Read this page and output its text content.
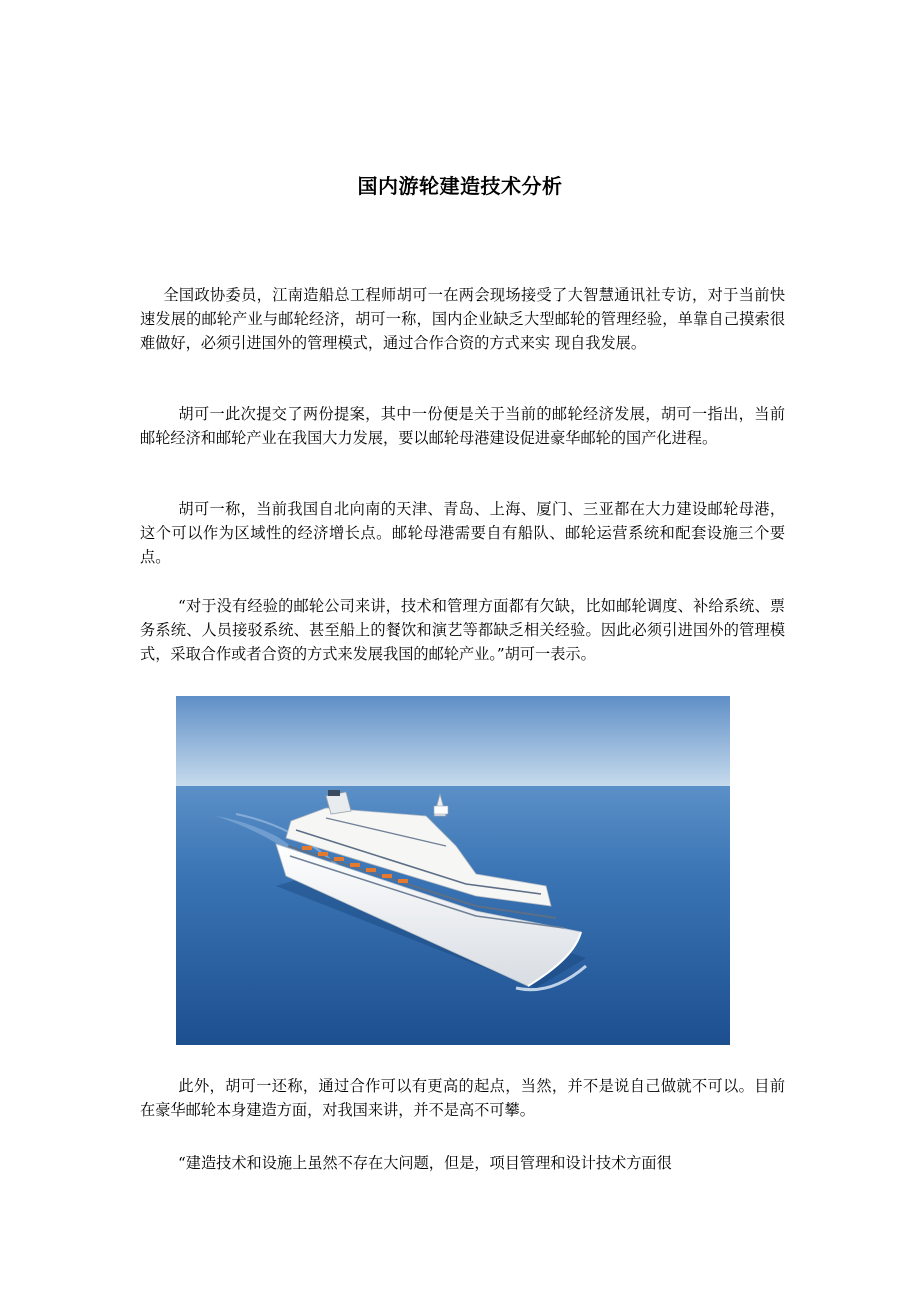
国内游轮建造技术分析

全国政协委员，江南造船总工程师胡可一在两会现场接受了大智慧通讯社专访，对于当前快速发展的邮轮产业与邮轮经济，胡可一称，国内企业缺乏大型邮轮的管理经验，单靠自己摸索很难做好，必须引进国外的管理模式，通过合作合资的方式来实 现自我发展。

胡可一此次提交了两份提案，其中一份便是关于当前的邮轮经济发展，胡可一指出，当前邮轮经济和邮轮产业在我国大力发展，要以邮轮母港建设促进豪华邮轮的国产化进程。

胡可一称，当前我国自北向南的天津、青岛、上海、厦门、三亚都在大力建设邮轮母港，这个可以作为区域性的经济增长点。邮轮母港需要自有船队、邮轮运营系统和配套设施三个要点。

“对于没有经验的邮轮公司来讲，技术和管理方面都有欠缺，比如邮轮调度、补给系统、票务系统、人员接驳系统、甚至船上的餐饮和演艺等都缺乏相关经验。因此必须引进国外的管理模式，采取合作或者合资的方式来发展我国的邮轮产业。”胡可一表示。

此外，胡可一还称，通过合作可以有更高的起点，当然，并不是说自己做就不可以。目前在豪华邮轮本身建造方面，对我国来讲，并不是高不可攀。

“建造技术和设施上虽然不存在大问题，但是，项目管理和设计技术方面很
